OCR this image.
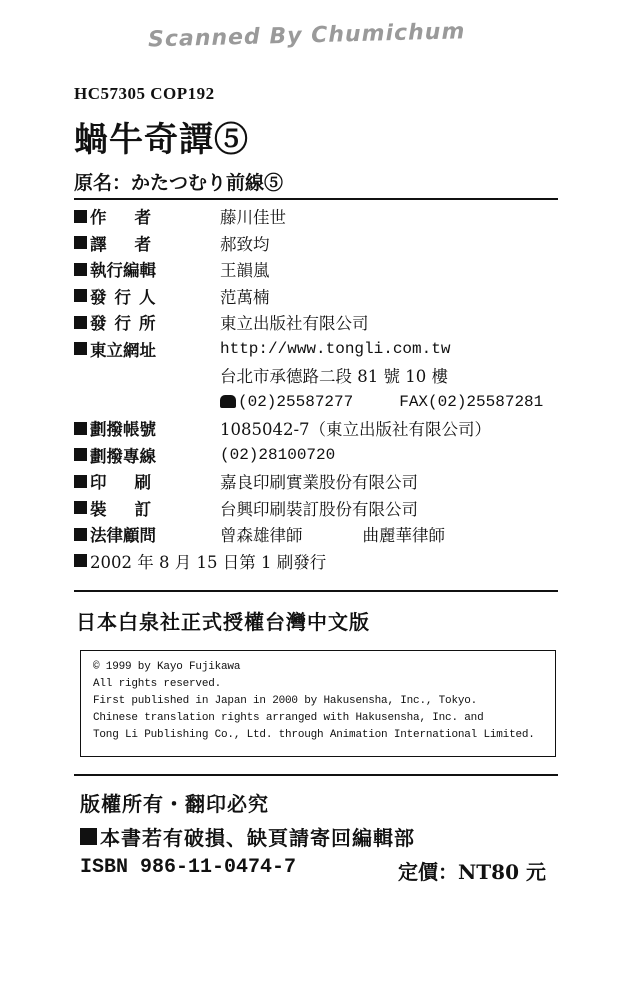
Scanned By Chumichum
HC57305 COP192
蝸牛奇譚⑤
原名：かたつむり前線⑤
作者 藤川佳世
譯者 郝致均
執行編輯	王韻嵐
發行人	范萬楠
發行所	東立出版社有限公司
東立網址	http://www.tongli.com.tw
台北市承德路二段 81 號 10 樓
(02)25587277	FAX(02)25587281
劃撥帳號	1085042-7（東立出版社有限公司）
劃撥專線	(02)28100720
印刷 嘉良印刷實業股份有限公司
裝訂 台興印刷裝訂股份有限公司
法律顧問	曾森雄律師	曲麗華律師
2002 年 8 月 15 日第 1 刷發行
日本白泉社正式授權台灣中文版
© 1999 by Kayo Fujikawa
All rights reserved.
First published in Japan in 2000 by Hakusensha, Inc., Tokyo.
Chinese translation rights arranged with Hakusensha, Inc. and
Tong Li Publishing Co., Ltd. through Animation International Limited.
版權所有・翻印必究
本書若有破損、缺頁請寄回編輯部
ISBN 986-11-0474-7	定價：NT80 元
